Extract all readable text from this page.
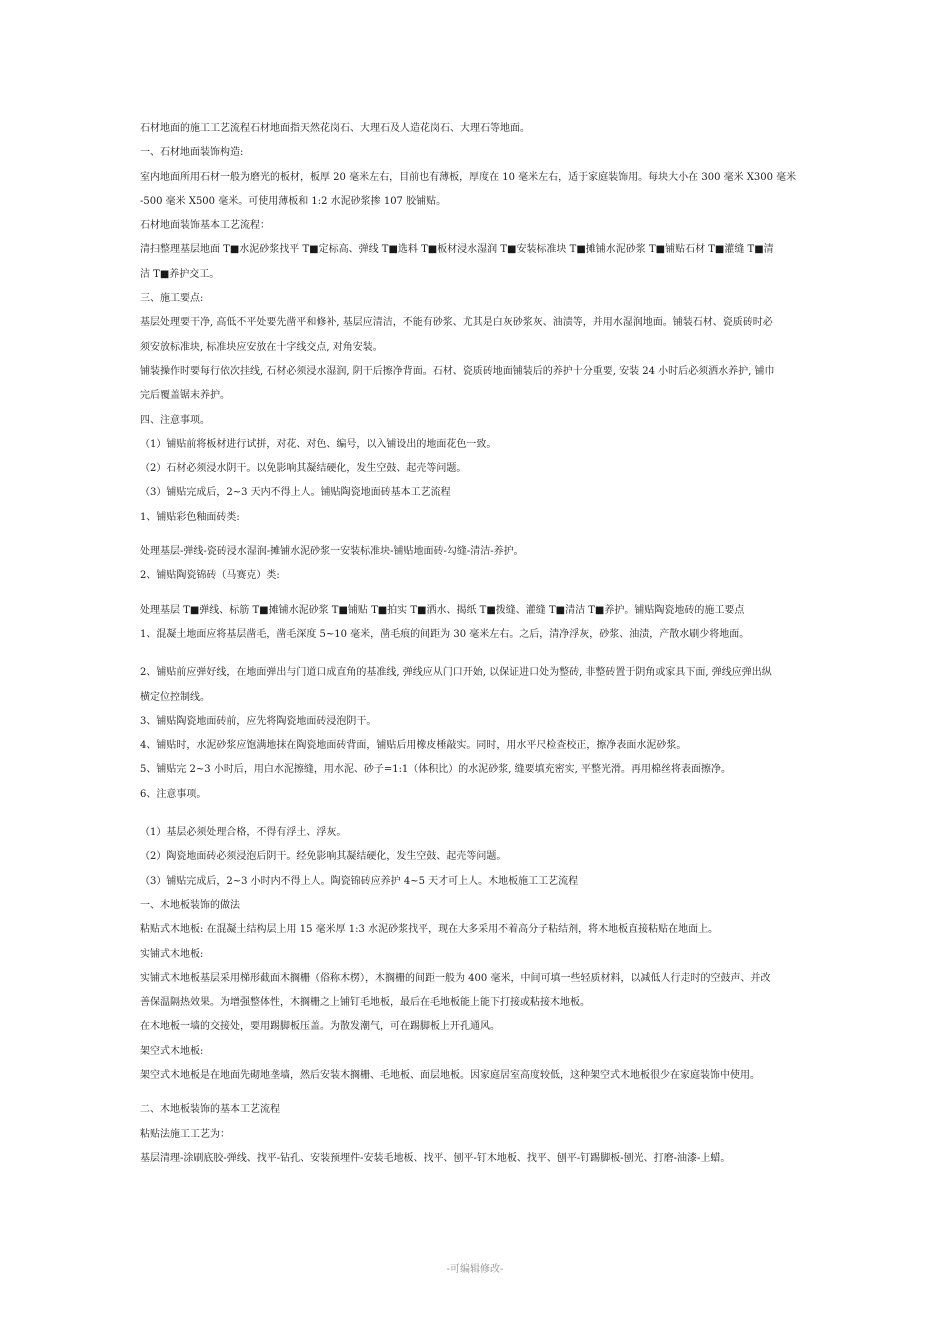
石材地面的施工工艺流程石材地面指天然花岗石、大理石及人造花岗石、大理石等地面。

一、石材地面装饰构造:

室内地面所用石材一般为磨光的板材，板厚 20 毫米左右，目前也有薄板，厚度在 10 毫米左右，适于家庭装饰用。每块大小在 300 毫米 X300 毫米

-500 毫米 X500 毫米。可使用薄板和 1:2 水泥砂浆掺 107 胶铺贴。

石材地面装饰基本工艺流程：

清扫整理基层地面 T■水泥砂浆找平 T■定标高、弹线 T■选料 T■板材浸水湿润 T■安装标准块 T■摊铺水泥砂浆 T■铺贴石材 T■灌缝 T■清

洁 T■养护交工。

三、施工要点:

基层处理要干净, 高低不平处要先凿平和修补, 基层应清洁，不能有砂浆、尤其是白灰砂浆灰、油渍等，并用水湿润地面。铺装石材、瓷质砖时必

须安放标准块, 标准块应安放在十字线交点, 对角安装。

铺装操作时要每行依次挂线, 石材必须浸水湿润, 阴干后擦净背面。石材、瓷质砖地面铺装后的养护十分重要, 安装 24 小时后必须洒水养护, 铺巾

完后覆盖锯末养护。

四、注意事项。

（1）铺贴前将板材进行试拼，对花、对色、编号，以入铺设出的地面花色一致。

（2）石材必须浸水阴干。以免影响其凝结硬化，发生空鼓、起壳等问题。

（3）铺贴完成后，2~3 天内不得上人。铺贴陶瓷地面砖基本工艺流程

1、铺贴彩色釉面砖类:

处理基层-弹线-瓷砖浸水湿润-摊铺水泥砂浆一安装标准块-铺贴地面砖-勾缝-清洁-养护。

2、铺贴陶瓷锦砖（马赛克）类:

处理基层 T■弹线、标筋 T■摊铺水泥砂浆 T■铺贴 T■拍实 T■洒水、揭纸 T■拨缝、灌缝 T■清洁 T■养护。铺贴陶瓷地砖的施工要点

1、混凝土地面应将基层凿毛，凿毛深度 5~10 毫米，凿毛痕的间距为 30 毫米左右。之后，清净浮灰，砂浆、油渍，产散水刷少将地面。

2、铺贴前应弹好线，在地面弹出与门道口成直角的基准线, 弹线应从门口开始, 以保证进口处为整砖, 非整砖置于阴角或家具下面, 弹线应弹出纵

横定位控制线。

3、铺贴陶瓷地面砖前，应先将陶瓷地面砖浸泡阴干。

4、铺贴时，水泥砂浆应饱满地抹在陶瓷地面砖背面，铺贴后用橡皮棰敲实。同时，用水平尺检查校正，擦净表面水泥砂浆。

5、铺贴完 2~3 小时后，用白水泥擦缝，用水泥、砂子=1:1（体积比）的水泥砂浆, 缝要填充密实, 平整光滑。再用棉丝将表面擦净。

6、注意事项。

（1）基层必须处理合格，不得有浮土、浮灰。

（2）陶瓷地面砖必须浸泡后阴干。经免影响其凝结硬化，发生空鼓、起壳等问题。

（3）铺贴完成后，2~3 小时内不得上人。陶瓷锦砖应养护 4~5 天才可上人。木地板施工工艺流程

一、木地板装饰的做法

粘贴式木地板: 在混凝土结构层上用 15 毫米厚 1:3 水泥砂浆找平，现在大多采用不着高分子粘结剂，将木地板直接粘贴在地面上。

实铺式木地板:

实铺式木地板基层采用梯形截面木搁栅（俗称木楞），木搁栅的间距一般为 400 毫米，中间可填一些轻质材料，以减低人行走时的空鼓声、并改

善保温隔热效果。为增强整体性，木搁栅之上铺钉毛地板，最后在毛地板能上能下打接或粘接木地板。

在木地板一墙的交接处，要用踢脚板压盖。为散发潮气，可在踢脚板上开孔通风。

架空式木地板:

架空式木地板是在地面先砌地垄墙，然后安装木搁栅、毛地板、面层地板。因家庭居室高度较低，这种架空式木地板很少在家庭装饰中使用。

二、木地板装饰的基本工艺流程

粘贴法施工工艺为：

基层清理-涂刷底胶-弹线、找平-钻孔、安装预埋件-安装毛地板、找平、刨平-钉木地板、找平、刨平-钉踢脚板-刨光、打磨-油漆-上蜡。

-可编辑修改-
